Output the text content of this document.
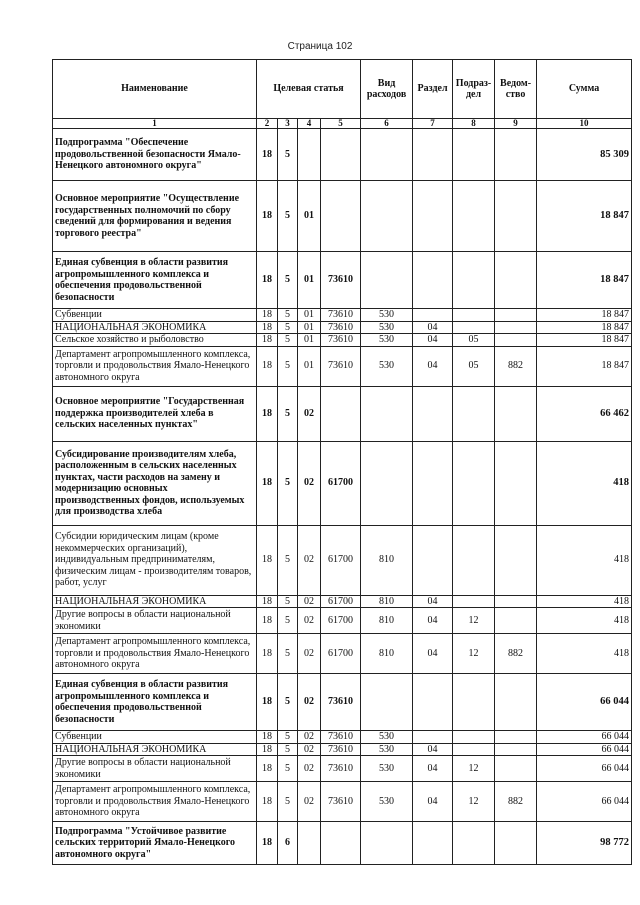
Страница 102
Наименование	Целевая статья				Вид расходов	Раздел	Подраз-дел	Ведом-ство	Сумма
1	2	3	4	5	6	7	8	9	10
Подпрограмма "Обеспечение продовольственной безопасности Ямало-Ненецкого автономного округа"	18	5							85 309
Основное мероприятие "Осуществление государственных полномочий по сбору сведений для формирования и ведения торгового реестра"	18	5	01						18 847
Единая субвенция в области развития агропромышленного комплекса и обеспечения продовольственной безопасности	18	5	01	73610					18 847
Субвенции	18	5	01	73610	530				18 847
НАЦИОНАЛЬНАЯ ЭКОНОМИКА	18	5	01	73610	530	04			18 847
Сельское хозяйство и рыболовство	18	5	01	73610	530	04	05		18 847
Департамент агропромышленного комплекса, торговли и продовольствия Ямало-Ненецкого автономного округа	18	5	01	73610	530	04	05	882	18 847
Основное мероприятие "Государственная поддержка производителей хлеба в сельских населенных пунктах"	18	5	02						66 462
Субсидирование производителям хлеба, расположенным в сельских населенных пунктах, части расходов на замену и модернизацию основных производственных фондов, используемых для производства хлеба	18	5	02	61700					418
Субсидии юридическим лицам (кроме некоммерческих организаций), индивидуальным предпринимателям, физическим лицам - производителям товаров, работ, услуг	18	5	02	61700	810				418
НАЦИОНАЛЬНАЯ ЭКОНОМИКА	18	5	02	61700	810	04			418
Другие вопросы в области национальной экономики	18	5	02	61700	810	04	12		418
Департамент агропромышленного комплекса, торговли и продовольствия Ямало-Ненецкого автономного округа	18	5	02	61700	810	04	12	882	418
Единая субвенция в области развития агропромышленного комплекса и обеспечения продовольственной безопасности	18	5	02	73610					66 044
Субвенции	18	5	02	73610	530				66 044
НАЦИОНАЛЬНАЯ ЭКОНОМИКА	18	5	02	73610	530	04			66 044
Другие вопросы в области национальной экономики	18	5	02	73610	530	04	12		66 044
Департамент агропромышленного комплекса, торговли и продовольствия Ямало-Ненецкого автономного округа	18	5	02	73610	530	04	12	882	66 044
Подпрограмма "Устойчивое развитие сельских территорий Ямало-Ненецкого автономного округа"	18	6							98 772
